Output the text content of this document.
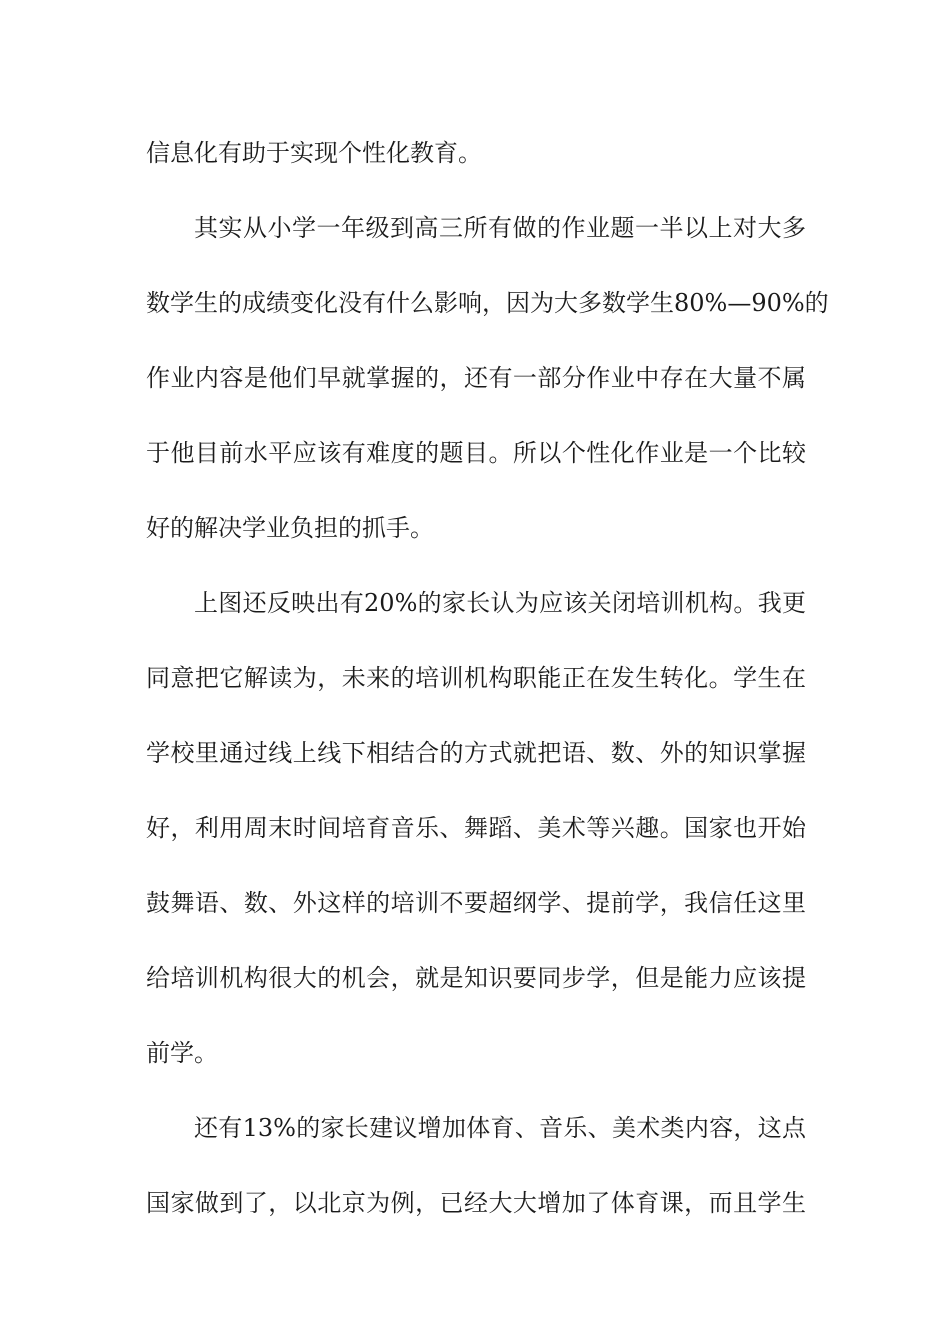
信息化有助于实现个性化教育。
其实从小学一年级到高三所有做的作业题一半以上对大多
数学生的成绩变化没有什么影响，因为大多数学生80%—90%的
作业内容是他们早就掌握的，还有一部分作业中存在大量不属
于他目前水平应该有难度的题目。所以个性化作业是一个比较
好的解决学业负担的抓手。
上图还反映出有20%的家长认为应该关闭培训机构。我更
同意把它解读为，未来的培训机构职能正在发生转化。学生在
学校里通过线上线下相结合的方式就把语、数、外的知识掌握
好，利用周末时间培育音乐、舞蹈、美术等兴趣。国家也开始
鼓舞语、数、外这样的培训不要超纲学、提前学，我信任这里
给培训机构很大的机会，就是知识要同步学，但是能力应该提
前学。
还有13%的家长建议增加体育、音乐、美术类内容，这点
国家做到了，以北京为例，已经大大增加了体育课，而且学生
